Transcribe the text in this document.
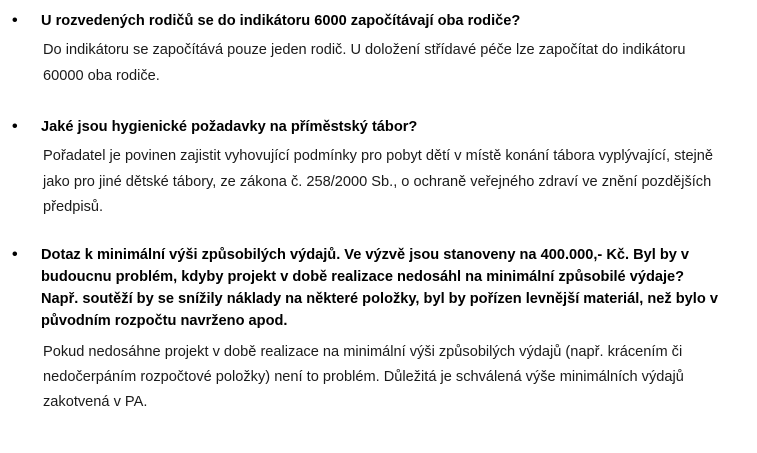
•	U rozvedených rodičů se do indikátoru 6000 započítávají oba rodiče?

Do indikátoru se započítává pouze jeden rodič. U doložení střídavé péče lze započítat do indikátoru 60000 oba rodiče.

•	Jaké jsou hygienické požadavky na příměstský tábor?

Pořadatel je povinen zajistit vyhovující podmínky pro pobyt dětí v místě konání tábora vyplývající, stejně jako pro jiné dětské tábory, ze zákona č. 258/2000 Sb., o ochraně veřejného zdraví ve znění pozdějších předpisů.

•	Dotaz k minimální výši způsobilých výdajů. Ve výzvě jsou stanoveny na 400.000,- Kč. Byl by v budoucnu problém, kdyby projekt v době realizace nedosáhl na minimální způsobilé výdaje? Např. soutěží by se snížily náklady na některé položky, byl by pořízen levnější materiál, než bylo v původním rozpočtu navrženo apod.

Pokud nedosáhne projekt v době realizace na minimální výši způsobilých výdajů (např. krácením či nedočerpáním rozpočtové položky) není to problém. Důležitá je schválená výše minimálních výdajů zakotvená v PA.
